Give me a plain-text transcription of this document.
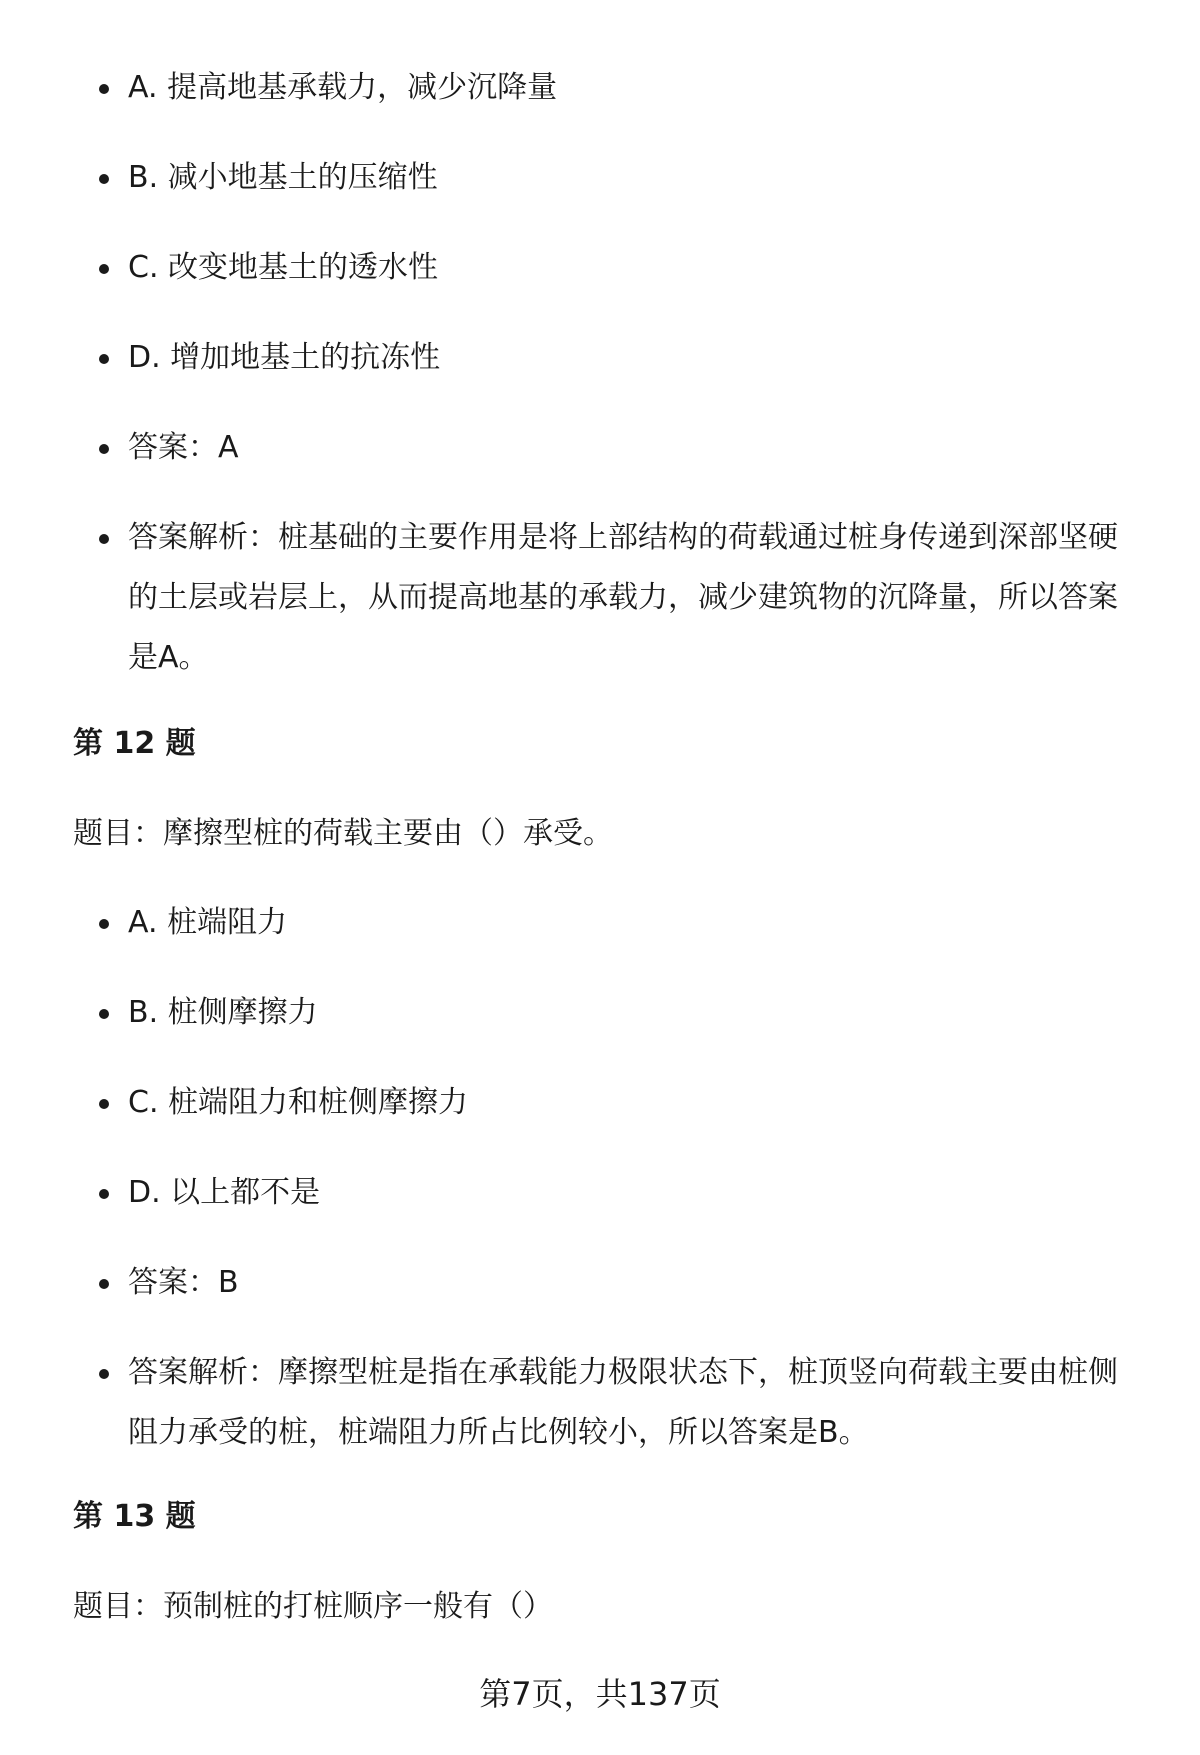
A. 提高地基承载力，减少沉降量
B. 减小地基土的压缩性
C. 改变地基土的透水性
D. 增加地基土的抗冻性
答案：A
答案解析：桩基础的主要作用是将上部结构的荷载通过桩身传递到深部坚硬的土层或岩层上，从而提高地基的承载力，减少建筑物的沉降量，所以答案是A。
第 12 题
题目：摩擦型桩的荷载主要由（）承受。
A. 桩端阻力
B. 桩侧摩擦力
C. 桩端阻力和桩侧摩擦力
D. 以上都不是
答案：B
答案解析：摩擦型桩是指在承载能力极限状态下，桩顶竖向荷载主要由桩侧阻力承受的桩，桩端阻力所占比例较小，所以答案是B。
第 13 题
题目：预制桩的打桩顺序一般有（）
第7页，共137页
